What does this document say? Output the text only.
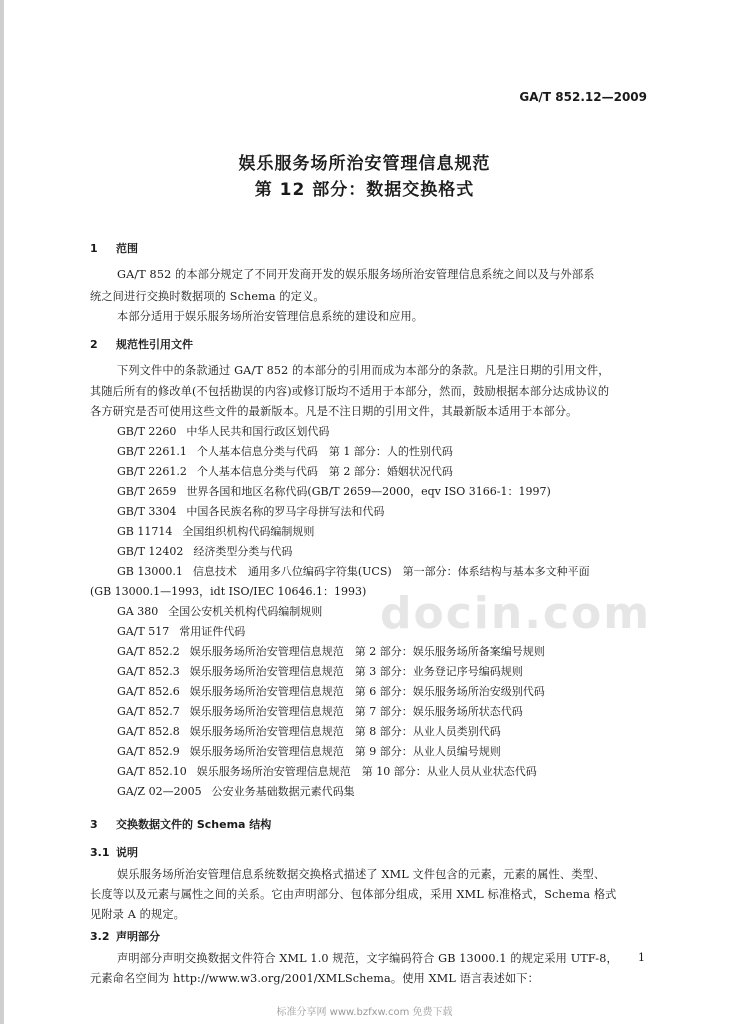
GA/T 852.12—2009
娱乐服务场所治安管理信息规范
第 12 部分：数据交换格式
1 范围
GA/T 852 的本部分规定了不同开发商开发的娱乐服务场所治安管理信息系统之间以及与外部系
统之间进行交换时数据项的 Schema 的定义。
本部分适用于娱乐服务场所治安管理信息系统的建设和应用。
2 规范性引用文件
下列文件中的条款通过 GA/T 852 的本部分的引用而成为本部分的条款。凡是注日期的引用文件，
其随后所有的修改单(不包括勘误的内容)或修订版均不适用于本部分，然而，鼓励根据本部分达成协议的
各方研究是否可使用这些文件的最新版本。凡是不注日期的引用文件，其最新版本适用于本部分。
GB/T 2260 中华人民共和国行政区划代码
GB/T 2261.1 个人基本信息分类与代码　第 1 部分：人的性别代码
GB/T 2261.2 个人基本信息分类与代码　第 2 部分：婚姻状况代码
GB/T 2659 世界各国和地区名称代码(GB/T 2659—2000，eqv ISO 3166-1：1997)
GB/T 3304 中国各民族名称的罗马字母拼写法和代码
GB 11714 全国组织机构代码编制规则
GB/T 12402 经济类型分类与代码
GB 13000.1 信息技术　通用多八位编码字符集(UCS)　第一部分：体系结构与基本多文种平面
(GB 13000.1—1993，idt ISO/IEC 10646.1：1993)
GA 380 全国公安机关机构代码编制规则
GA/T 517 常用证件代码
GA/T 852.2 娱乐服务场所治安管理信息规范　第 2 部分：娱乐服务场所备案编号规则
GA/T 852.3 娱乐服务场所治安管理信息规范　第 3 部分：业务登记序号编码规则
GA/T 852.6 娱乐服务场所治安管理信息规范　第 6 部分：娱乐服务场所治安级别代码
GA/T 852.7 娱乐服务场所治安管理信息规范　第 7 部分：娱乐服务场所状态代码
GA/T 852.8 娱乐服务场所治安管理信息规范　第 8 部分：从业人员类别代码
GA/T 852.9 娱乐服务场所治安管理信息规范　第 9 部分：从业人员编号规则
GA/T 852.10 娱乐服务场所治安管理信息规范　第 10 部分：从业人员从业状态代码
GA/Z 02—2005 公安业务基础数据元素代码集
3 交换数据文件的 Schema 结构
3.1 说明
娱乐服务场所治安管理信息系统数据交换格式描述了 XML 文件包含的元素，元素的属性、类型、
长度等以及元素与属性之间的关系。它由声明部分、包体部分组成，采用 XML 标准格式，Schema 格式
见附录 A 的规定。
3.2 声明部分
声明部分声明交换数据文件符合 XML 1.0 规范，文字编码符合 GB 13000.1 的规定采用 UTF-8，
元素命名空间为 http://www.w3.org/2001/XMLSchema。使用 XML 语言表述如下：
1
docin.com
标准分享网 www.bzfxw.com 免费下载
